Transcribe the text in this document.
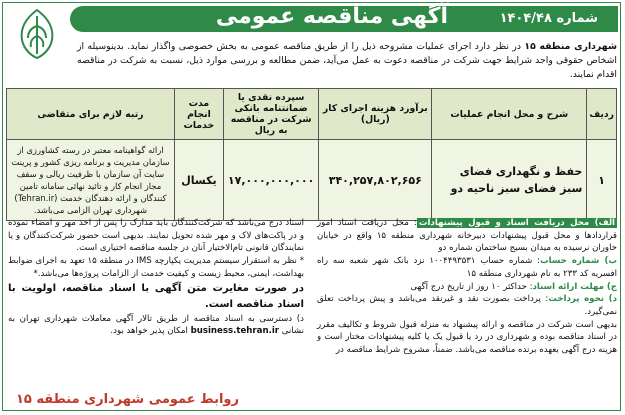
آگهی مناقصه عمومی	شماره ۱۴۰۴/۴۸
شهرداری منطقه ۱۵ در نظر دارد اجرای عملیات مشروحه ذیل را از طریق مناقصه عمومی به بخش خصوصی واگذار نماید. بدینوسیله از اشخاص حقوقی واجد شرایط جهت شرکت در مناقصه دعوت به عمل می‌آید، ضمن مطالعه و بررسی موارد ذیل، نسبت به شرکت در مناقصه اقدام نمایند.
ردیف	شرح و محل انجام عملیات	برآورد هزینه اجرای کار (ریال)	سپرده نقدی یا ضمانتنامه بانکی شرکت در مناقصه به ریال	مدت انجام خدمات	رتبه لازم برای متقاضی
۱	حفظ و نگهداری فضای سبز فضای سبز ناحیه دو	۳۴۰,۲۵۷,۸۰۲,۶۵۶	۱۷,۰۰۰,۰۰۰,۰۰۰	یکسال	ارائه گواهینامه معتبر در رسته کشاورزی از سازمان مدیریت و برنامه ریزی کشور و پرینت سایت آن سازمان با ظرفیت ریالی و سقف مجاز انجام کار و تائید نهائی سامانه تامین کنندگان و ارائه دهندگان خدمت (Tehran.ir) شهرداری تهران الزامی می‌باشد.
الف) محل دریافت اسناد و قبول پیشنهادات: محل دریافت اسناد امور قراردادها و محل قبول پیشنهادات دبیرخانه شهرداری منطقه ۱۵ واقع در خیابان خاوران نرسیده به میدان بسیج ساختمان شماره دو
ب) شماره حساب: شماره حساب ۱۰۰۴۴۹۳۵۳۱ نزد بانک شهر شعبه سه راه افسریه کد ۲۳۳ به نام شهرداری منطقه ۱۵
ج) مهلت ارائه اسناد: حداکثر ۱۰ روز از تاریخ درج آگهی
د) نحوه پرداخت: پرداخت بصورت نقد و غیرنقد می‌باشد و پیش پرداخت تعلق نمی‌گیرد.
بدیهی است شرکت در مناقصه و ارائه پیشنهاد به منزله قبول شروط و تکالیف مقرر در اسناد مناقصه بوده و شهرداری در رد یا قبول یک یا کلیه پیشنهادات مختار است و هزینه درج آگهی بعهده برنده مناقصه می‌باشد. ضمناً، مشروح شرایط مناقصه در
اسناد درج می‌باشد که شرکت‌کنندگان باید مدارک را پس از اخذ مهر و امضاء نموده و در پاکت‌های لاک و مهر شده تحویل نمایند. بدیهی است حضور شرکت‌کنندگان و یا نمایندگان قانونی تام‌الاختیار آنان در جلسه مناقصه اختیاری است.
* نظر به استقرار سیستم مدیریت یکپارچه IMS در منطقه ۱۵ تعهد به اجرای ضوابط بهداشت، ایمنی، محیط زیست و کیفیت خدمت از الزامات پروژه‌ها می‌باشد.*
در صورت مغایرت متن آگهی با اسناد مناقصه، اولویت با اسناد مناقصه است.
د) دسترسی به اسناد مناقصه از طریق تالار آگهی معاملات شهرداری تهران به نشانی business.tehran.ir امکان پذیر خواهد بود.
روابط عمومی شهرداری منطقه ۱۵
